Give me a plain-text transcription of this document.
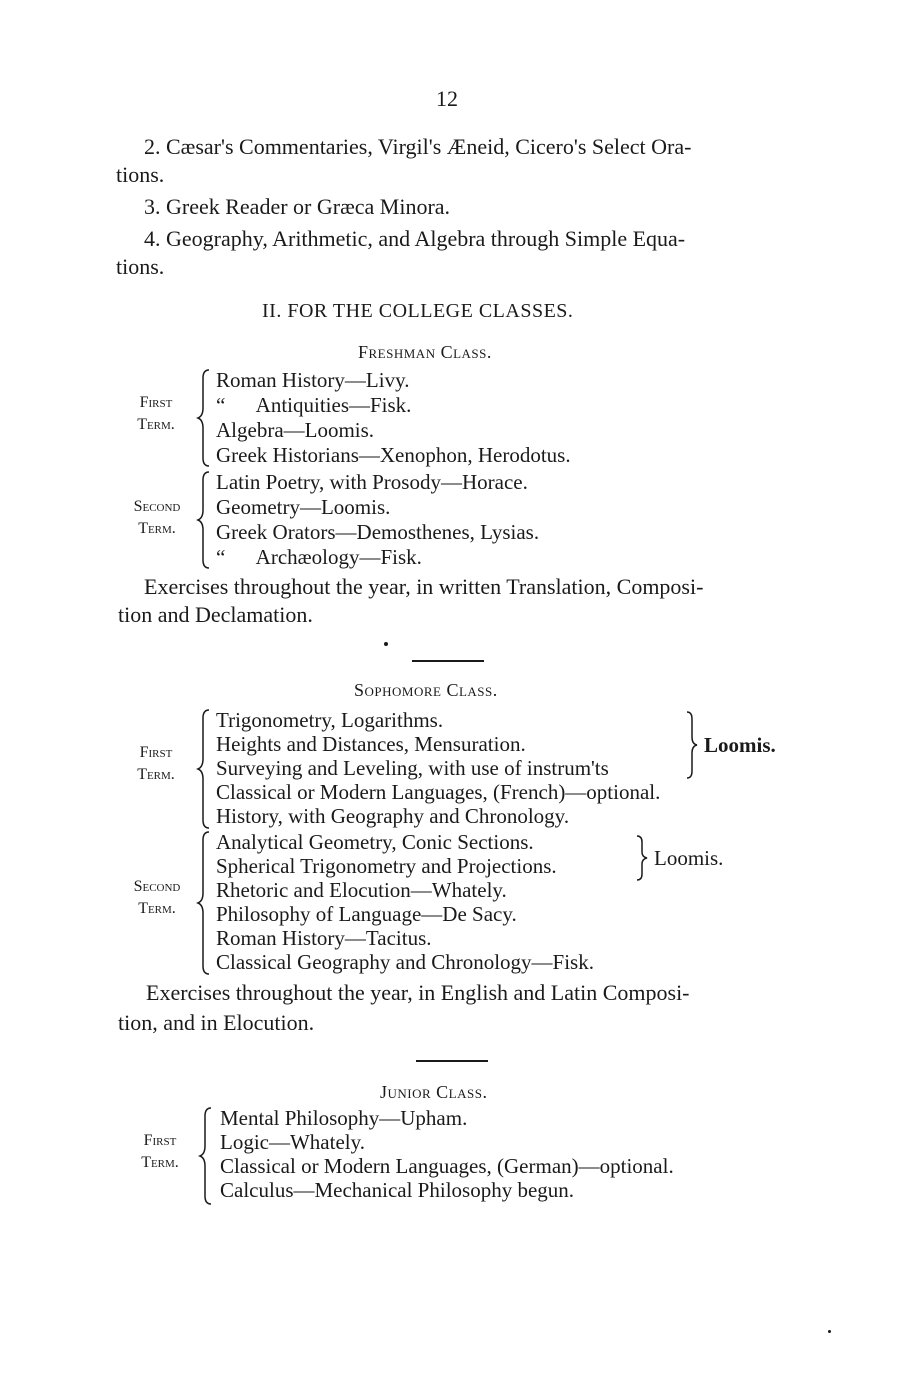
12
2. Cæsar's Commentaries, Virgil's Æneid, Cicero's Select Ora-
tions.
3. Greek Reader or Græca Minora.
4. Geography, Arithmetic, and Algebra through Simple Equa-
tions.
II. FOR THE COLLEGE CLASSES.
Freshman Class.
First
Term.
Roman History—Livy.
“      Antiquities—Fisk.
Algebra—Loomis.
Greek Historians—Xenophon, Herodotus.
Second
Term.
Latin Poetry, with Prosody—Horace.
Geometry—Loomis.
Greek Orators—Demosthenes, Lysias.
“      Archæology—Fisk.
Exercises throughout the year, in written Translation, Composi-
tion and Declamation.
Sophomore Class.
First
Term.
Trigonometry, Logarithms.
Heights and Distances, Mensuration.
Surveying and Leveling, with use of instrum'ts
Classical or Modern Languages, (French)—optional.
History, with Geography and Chronology.
Loomis.
Second
Term.
Analytical Geometry, Conic Sections.
Spherical Trigonometry and Projections.
Rhetoric and Elocution—Whately.
Philosophy of Language—De Sacy.
Roman History—Tacitus.
Classical Geography and Chronology—Fisk.
Loomis.
Exercises throughout the year, in English and Latin Composi-
tion, and in Elocution.
Junior Class.
First
Term.
Mental Philosophy—Upham.
Logic—Whately.
Classical or Modern Languages, (German)—optional.
Calculus—Mechanical Philosophy begun.
